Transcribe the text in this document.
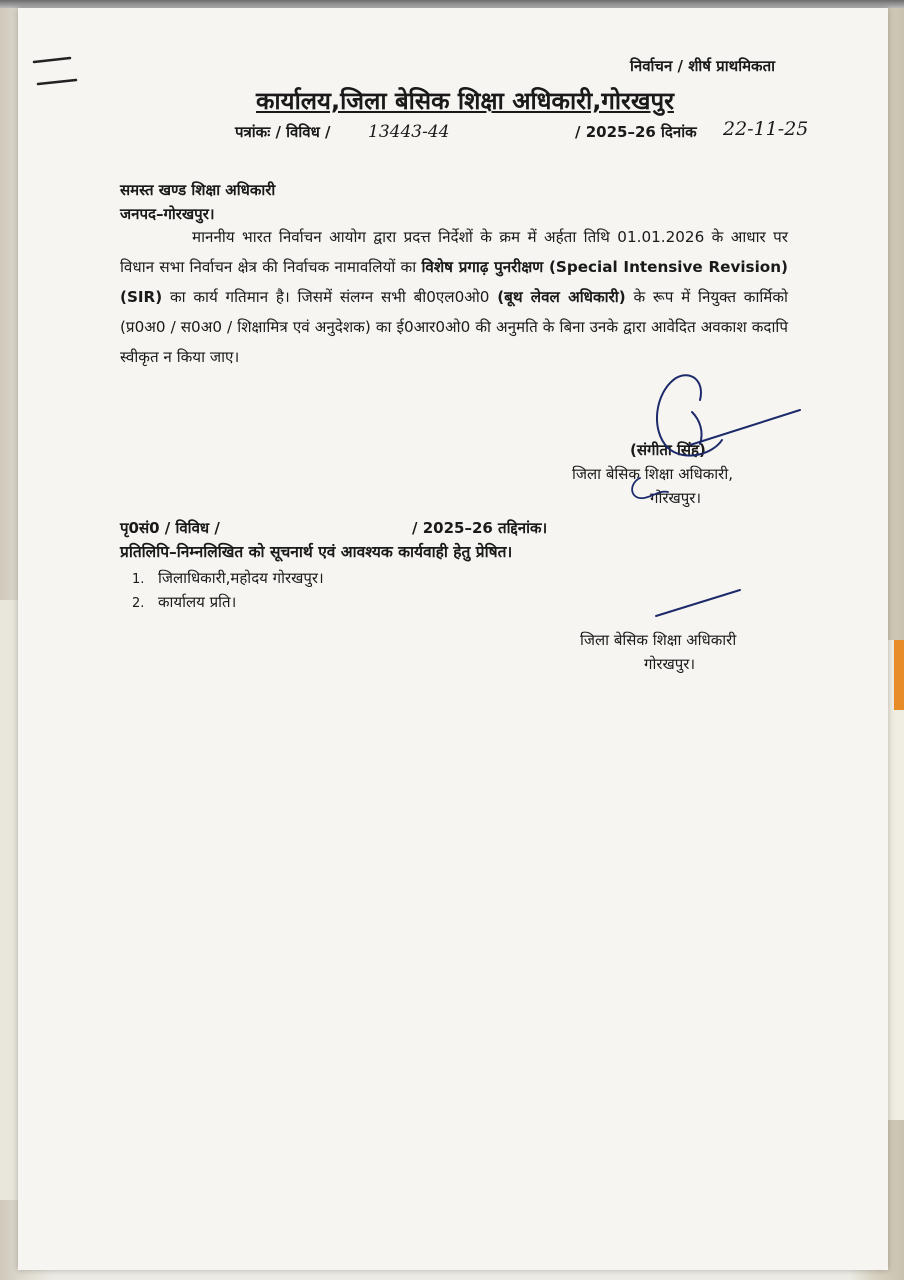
निर्वाचन / शीर्ष प्राथमिकता
कार्यालय,जिला बेसिक शिक्षा अधिकारी,गोरखपुर
पत्रांकः / विविध / 13443-44	/ 2025–26 दिनांक 22-11-25
समस्त खण्ड शिक्षा अधिकारी
जनपद–गोरखपुर।
माननीय भारत निर्वाचन आयोग द्वारा प्रदत्त निर्देशों के क्रम में अर्हता तिथि 01.01.2026 के आधार पर विधान सभा निर्वाचन क्षेत्र की निर्वाचक नामावलियों का विशेष प्रगाढ़ पुनरीक्षण (Special Intensive Revision) (SIR) का कार्य गतिमान है। जिसमें संलग्न सभी बी0एल0ओ0 (बूथ लेवल अधिकारी) के रूप में नियुक्त कार्मिको (प्र0अ0 / स0अ0 / शिक्षामित्र एवं अनुदेशक) का ई0आर0ओ0 की अनुमति के बिना उनके द्वारा आवेदित अवकाश कदापि स्वीकृत न किया जाए।
(संगीता सिंह)
जिला बेसिक शिक्षा अधिकारी,
गोरखपुर।
पृ0सं0 / विविध /	/ 2025–26 तद्दिनांक।
प्रतिलिपि–निम्नलिखित को सूचनार्थ एवं आवश्यक कार्यवाही हेतु प्रेषित।
1. जिलाधिकारी,महोदय गोरखपुर।
2. कार्यालय प्रति।
जिला बेसिक शिक्षा अधिकारी
गोरखपुर।
